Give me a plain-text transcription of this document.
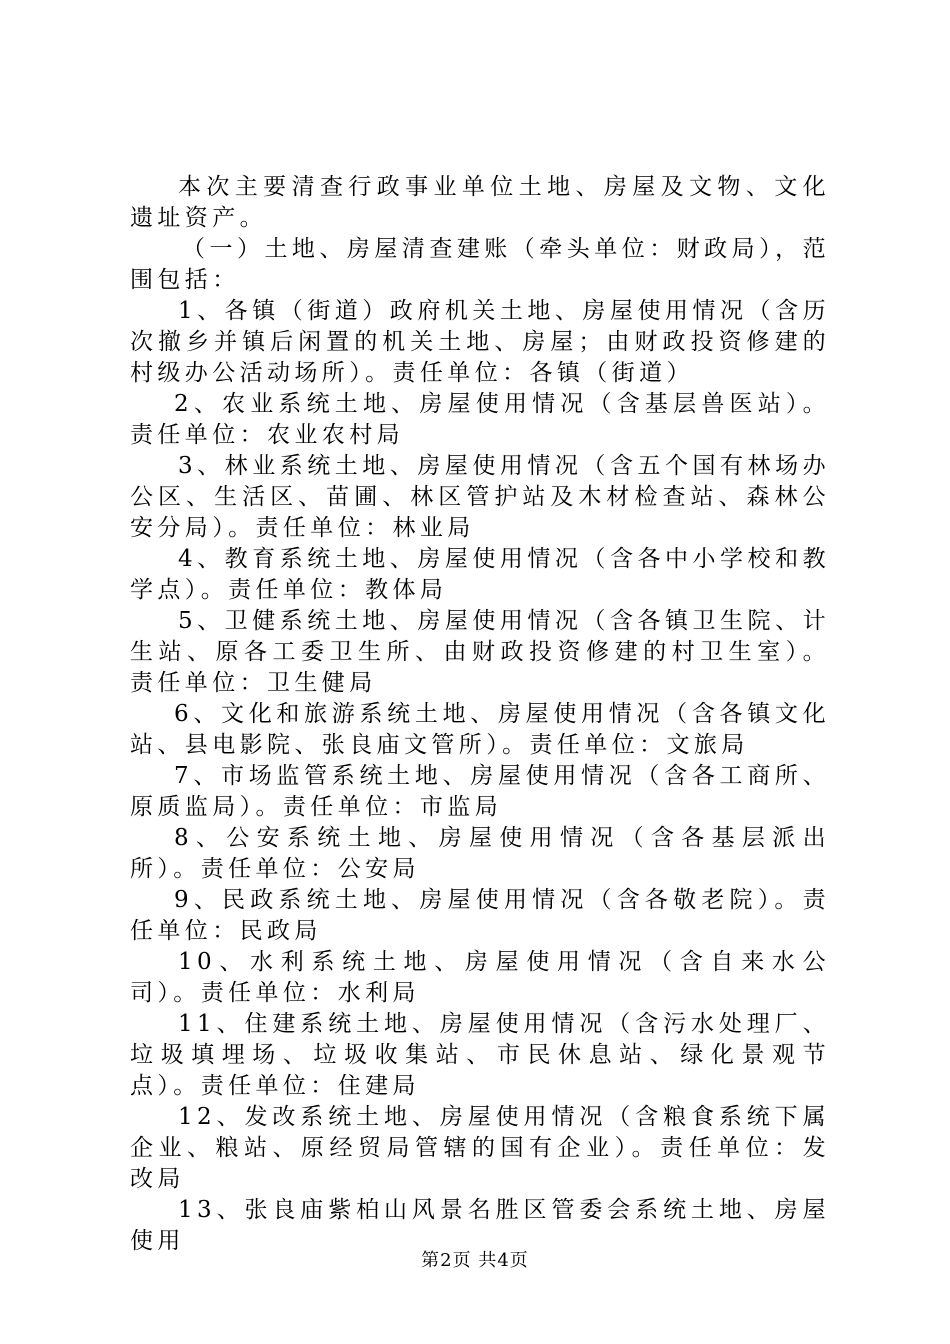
本次主要清查行政事业单位土地、房屋及文物、文化遗址资产。

（一）土地、房屋清查建账（牵头单位：财政局），范围包括：

1、各镇（街道）政府机关土地、房屋使用情况（含历次撤乡并镇后闲置的机关土地、房屋；由财政投资修建的村级办公活动场所）。责任单位：各镇（街道）

2、农业系统土地、房屋使用情况（含基层兽医站）。责任单位：农业农村局

3、林业系统土地、房屋使用情况（含五个国有林场办公区、生活区、苗圃、林区管护站及木材检查站、森林公安分局）。责任单位：林业局

4、教育系统土地、房屋使用情况（含各中小学校和教学点）。责任单位：教体局

5、卫健系统土地、房屋使用情况（含各镇卫生院、计生站、原各工委卫生所、由财政投资修建的村卫生室）。责任单位：卫生健局

6、文化和旅游系统土地、房屋使用情况（含各镇文化站、县电影院、张良庙文管所）。责任单位：文旅局

7、市场监管系统土地、房屋使用情况（含各工商所、原质监局）。责任单位：市监局

8、公安系统土地、房屋使用情况（含各基层派出所）。责任单位：公安局

9、民政系统土地、房屋使用情况（含各敬老院）。责任单位：民政局

10、水利系统土地、房屋使用情况（含自来水公司）。责任单位：水利局

11、住建系统土地、房屋使用情况（含污水处理厂、垃圾填埋场、垃圾收集站、市民休息站、绿化景观节点）。责任单位：住建局

12、发改系统土地、房屋使用情况（含粮食系统下属企业、粮站、原经贸局管辖的国有企业）。责任单位：发改局

13、张良庙紫柏山风景名胜区管委会系统土地、房屋使用

第2页 共4页
